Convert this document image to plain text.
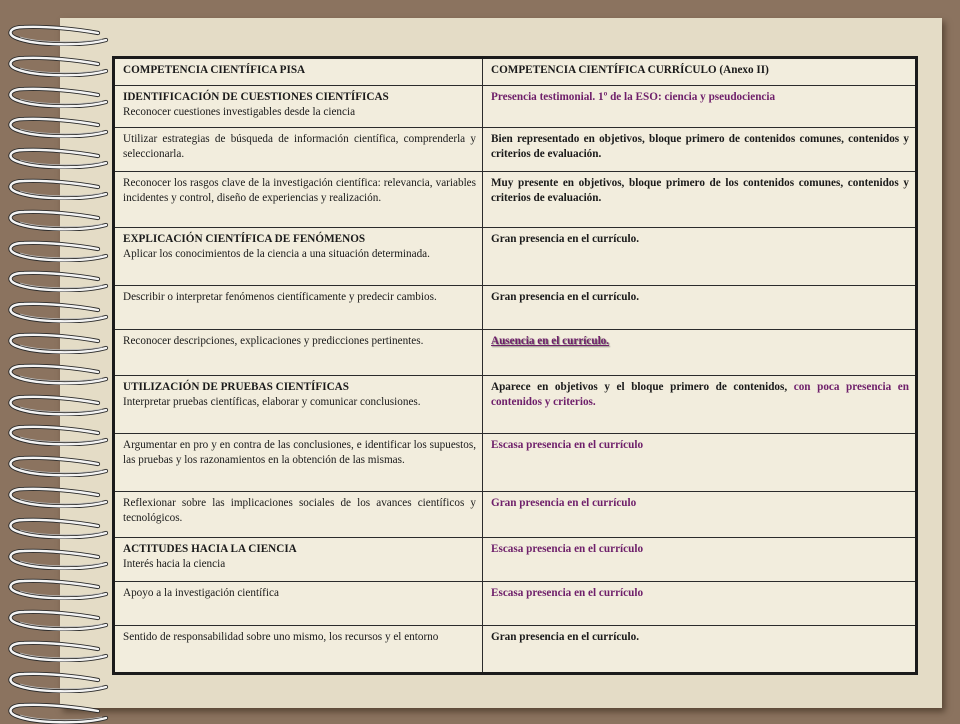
COMPETENCIA CIENTÍFICA PISA	COMPETENCIA CIENTÍFICA CURRÍCULO (Anexo II)

IDENTIFICACIÓN DE CUESTIONES CIENTÍFICAS
Reconocer cuestiones investigables desde la ciencia	Presencia testimonial. 1º de la ESO: ciencia y pseudociencia
Utilizar estrategias de búsqueda de información científica, comprenderla y seleccionarla.	Bien representado en objetivos, bloque primero de contenidos comunes, contenidos y criterios de evaluación.
Reconocer los rasgos clave de la investigación científica: relevancia, variables incidentes y control, diseño de experiencias y realización.	Muy presente en objetivos, bloque primero de los contenidos comunes, contenidos y criterios de evaluación.

EXPLICACIÓN CIENTÍFICA DE FENÓMENOS
Aplicar los conocimientos de la ciencia a una situación determinada.	Gran presencia en el currículo.
Describir o interpretar fenómenos científicamente y predecir cambios.	Gran presencia en el currículo.
Reconocer descripciones, explicaciones y predicciones pertinentes.	Ausencia en el currículo.

UTILIZACIÓN DE PRUEBAS CIENTÍFICAS
Interpretar pruebas científicas, elaborar y comunicar conclusiones.	Aparece en objetivos y el bloque primero de contenidos, con poca presencia en contenidos y criterios.
Argumentar en pro y en contra de las conclusiones, e identificar los supuestos, las pruebas y los razonamientos en la obtención de las mismas.	Escasa presencia en el currículo
Reflexionar sobre las implicaciones sociales de los avances científicos y tecnológicos.	Gran presencia en el currículo

ACTITUDES HACIA LA CIENCIA
Interés hacia la ciencia	Escasa presencia en el currículo
Apoyo a la investigación científica	Escasa presencia en el currículo
Sentido de responsabilidad sobre uno mismo, los recursos y el entorno	Gran presencia en el currículo.
